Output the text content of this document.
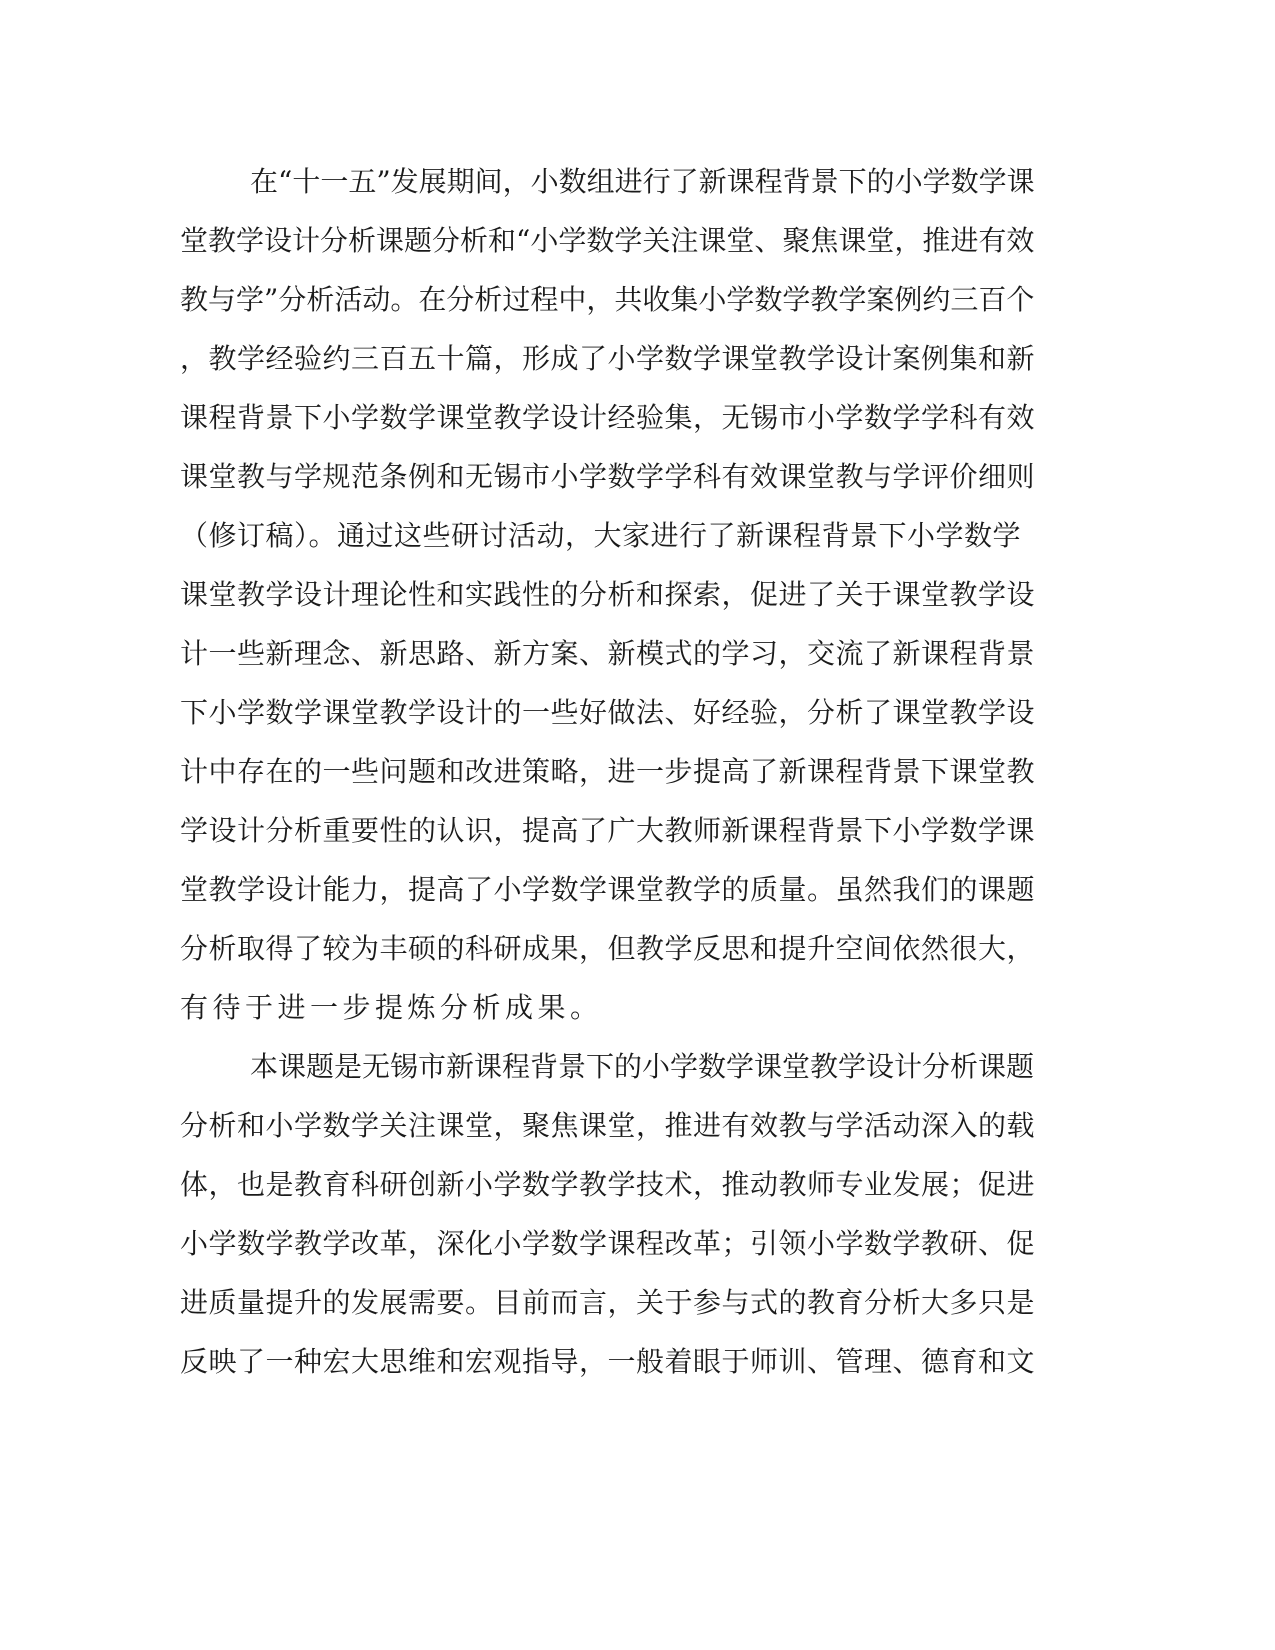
在“十一五”发展期间，小数组进行了新课程背景下的小学数学课
堂教学设计分析课题分析和“小学数学关注课堂、聚焦课堂，推进有效
教与学”分析活动。在分析过程中，共收集小学数学教学案例约三百个
，教学经验约三百五十篇，形成了小学数学课堂教学设计案例集和新
课程背景下小学数学课堂教学设计经验集，无锡市小学数学学科有效
课堂教与学规范条例和无锡市小学数学学科有效课堂教与学评价细则
（修订稿）。通过这些研讨活动，大家进行了新课程背景下小学数学
课堂教学设计理论性和实践性的分析和探索，促进了关于课堂教学设
计一些新理念、新思路、新方案、新模式的学习，交流了新课程背景
下小学数学课堂教学设计的一些好做法、好经验，分析了课堂教学设
计中存在的一些问题和改进策略，进一步提高了新课程背景下课堂教
学设计分析重要性的认识，提高了广大教师新课程背景下小学数学课
堂教学设计能力，提高了小学数学课堂教学的质量。虽然我们的课题
分析取得了较为丰硕的科研成果，但教学反思和提升空间依然很大，
有待于进一步提炼分析成果。
本课题是无锡市新课程背景下的小学数学课堂教学设计分析课题
分析和小学数学关注课堂，聚焦课堂，推进有效教与学活动深入的载
体，也是教育科研创新小学数学教学技术，推动教师专业发展；促进
小学数学教学改革，深化小学数学课程改革；引领小学数学教研、促
进质量提升的发展需要。目前而言，关于参与式的教育分析大多只是
反映了一种宏大思维和宏观指导，一般着眼于师训、管理、德育和文
